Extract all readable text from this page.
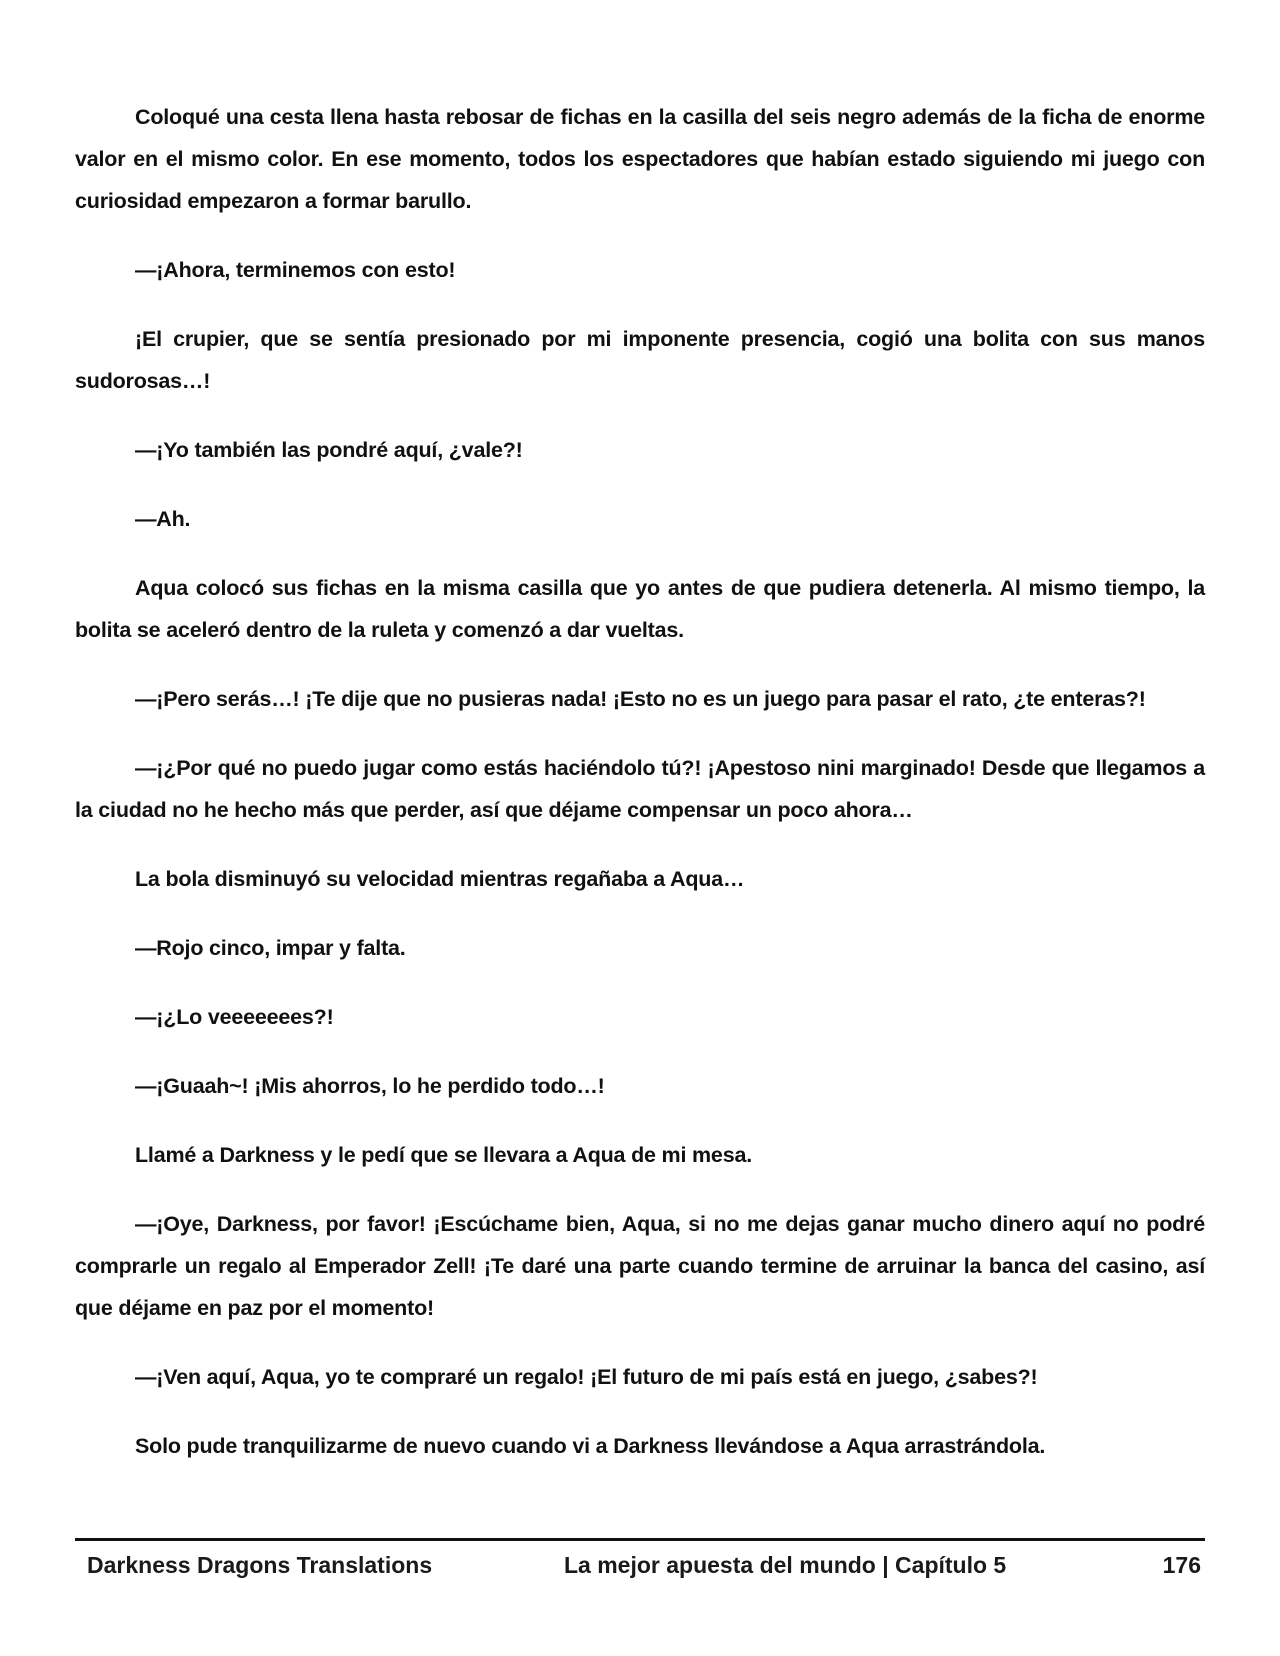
Coloqué una cesta llena hasta rebosar de fichas en la casilla del seis negro además de la ficha de enorme valor en el mismo color. En ese momento, todos los espectadores que habían estado siguiendo mi juego con curiosidad empezaron a formar barullo.

—¡Ahora, terminemos con esto!

¡El crupier, que se sentía presionado por mi imponente presencia, cogió una bolita con sus manos sudorosas…!

—¡Yo también las pondré aquí, ¿vale?!

—Ah.

Aqua colocó sus fichas en la misma casilla que yo antes de que pudiera detenerla. Al mismo tiempo, la bolita se aceleró dentro de la ruleta y comenzó a dar vueltas.

—¡Pero serás…! ¡Te dije que no pusieras nada! ¡Esto no es un juego para pasar el rato, ¿te enteras?!

—¡¿Por qué no puedo jugar como estás haciéndolo tú?! ¡Apestoso nini marginado! Desde que llegamos a la ciudad no he hecho más que perder, así que déjame compensar un poco ahora…

La bola disminuyó su velocidad mientras regañaba a Aqua…

—Rojo cinco, impar y falta.

—¡¿Lo veeeeeees?!

—¡Guaah~! ¡Mis ahorros, lo he perdido todo…!

Llamé a Darkness y le pedí que se llevara a Aqua de mi mesa.

—¡Oye, Darkness, por favor! ¡Escúchame bien, Aqua, si no me dejas ganar mucho dinero aquí no podré comprarle un regalo al Emperador Zell! ¡Te daré una parte cuando termine de arruinar la banca del casino, así que déjame en paz por el momento!

—¡Ven aquí, Aqua, yo te compraré un regalo! ¡El futuro de mi país está en juego, ¿sabes?!

Solo pude tranquilizarme de nuevo cuando vi a Darkness llevándose a Aqua arrastrándola.

Darkness Dragons Translations	La mejor apuesta del mundo | Capítulo 5	176
